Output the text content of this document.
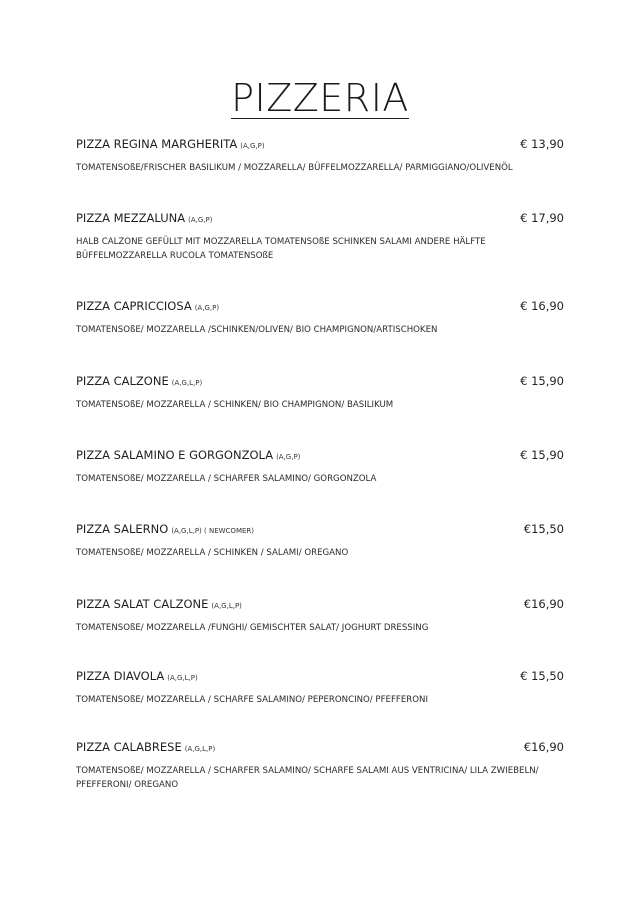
PIZZERIA
PIZZA REGINA MARGHERITA (A,G,P)	€ 13,90
TOMATENSOßE/FRISCHER BASILIKUM / MOZZARELLA/ BÜFFELMOZZARELLA/ PARMIGGIANO/OLIVENÖL
PIZZA MEZZALUNA (A,G,P)	€ 17,90
HALB CALZONE GEFÜLLT MIT MOZZARELLA TOMATENSOßE SCHINKEN SALAMI ANDERE HÄLFTE BÜFFELMOZZARELLA RUCOLA TOMATENSOßE
PIZZA CAPRICCIOSA (A,G,P)	€ 16,90
TOMATENSOßE/ MOZZARELLA /SCHINKEN/OLIVEN/ BIO CHAMPIGNON/ARTISCHOKEN
PIZZA CALZONE (A,G,L,P)	€ 15,90
TOMATENSOßE/ MOZZARELLA / SCHINKEN/ BIO CHAMPIGNON/ BASILIKUM
PIZZA SALAMINO E GORGONZOLA (A,G,P)	€ 15,90
TOMATENSOßE/ MOZZARELLA / SCHARFER SALAMINO/ GORGONZOLA
PIZZA SALERNO (A,G,L,P) ( NEWCOMER)	€15,50
TOMATENSOßE/ MOZZARELLA / SCHINKEN / SALAMI/ OREGANO
PIZZA SALAT CALZONE (A,G,L,P)	€16,90
TOMATENSOßE/ MOZZARELLA /FUNGHI/ GEMISCHTER SALAT/ JOGHURT DRESSING
PIZZA DIAVOLA (A,G,L,P)	€ 15,50
TOMATENSOßE/ MOZZARELLA / SCHARFE SALAMINO/ PEPERONCINO/ PFEFFERONI
PIZZA CALABRESE (A,G,L,P)	€16,90
TOMATENSOßE/ MOZZARELLA / SCHARFER SALAMINO/ SCHARFE SALAMI AUS VENTRICINA/ LILA ZWIEBELN/ PFEFFERONI/ OREGANO
